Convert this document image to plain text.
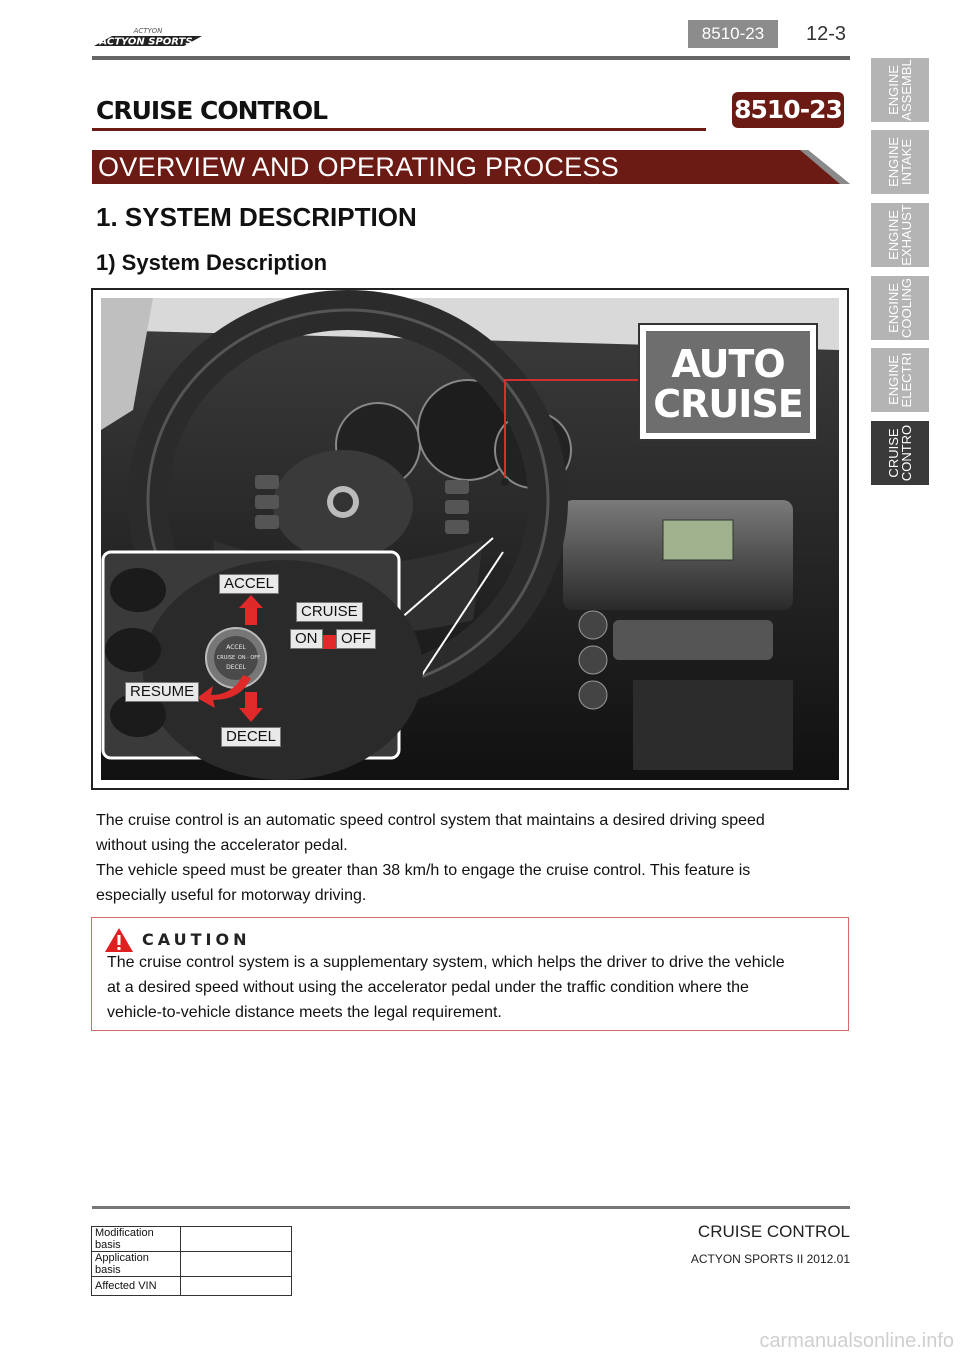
ACTYON
ACTYON SPORTS	8510-23	12-3
CRUISE CONTROL	8510-23
OVERVIEW AND OPERATING PROCESS
1. SYSTEM DESCRIPTION
1) System Description
ACCEL
CRUISE ON · OFF
DECEL
ACCEL
CRUISE
ON	OFF
RESUME
DECEL
AUTO
CRUISE

The cruise control is an automatic speed control system that maintains a desired driving speed

without using the accelerator pedal.

The vehicle speed must be greater than 38 km/h to engage the cruise control. This feature is

especially useful for motorway driving.

CAUTION
The cruise control system is a supplementary system, which helps the driver to drive the vehicle
at a desired speed without using the accelerator pedal under the traffic condition where the
vehicle-to-vehicle distance meets the legal requirement.
ENGINE ASSEMBL
ENGINE INTAKE
ENGINE EXHAUST
ENGINE COOLING
ENGINE ELECTRI
CRUISE CONTRO
Modification basis	
Application basis	
Affected VIN	
CRUISE CONTROL
ACTYON SPORTS II 2012.01
carmanualsonline.info
